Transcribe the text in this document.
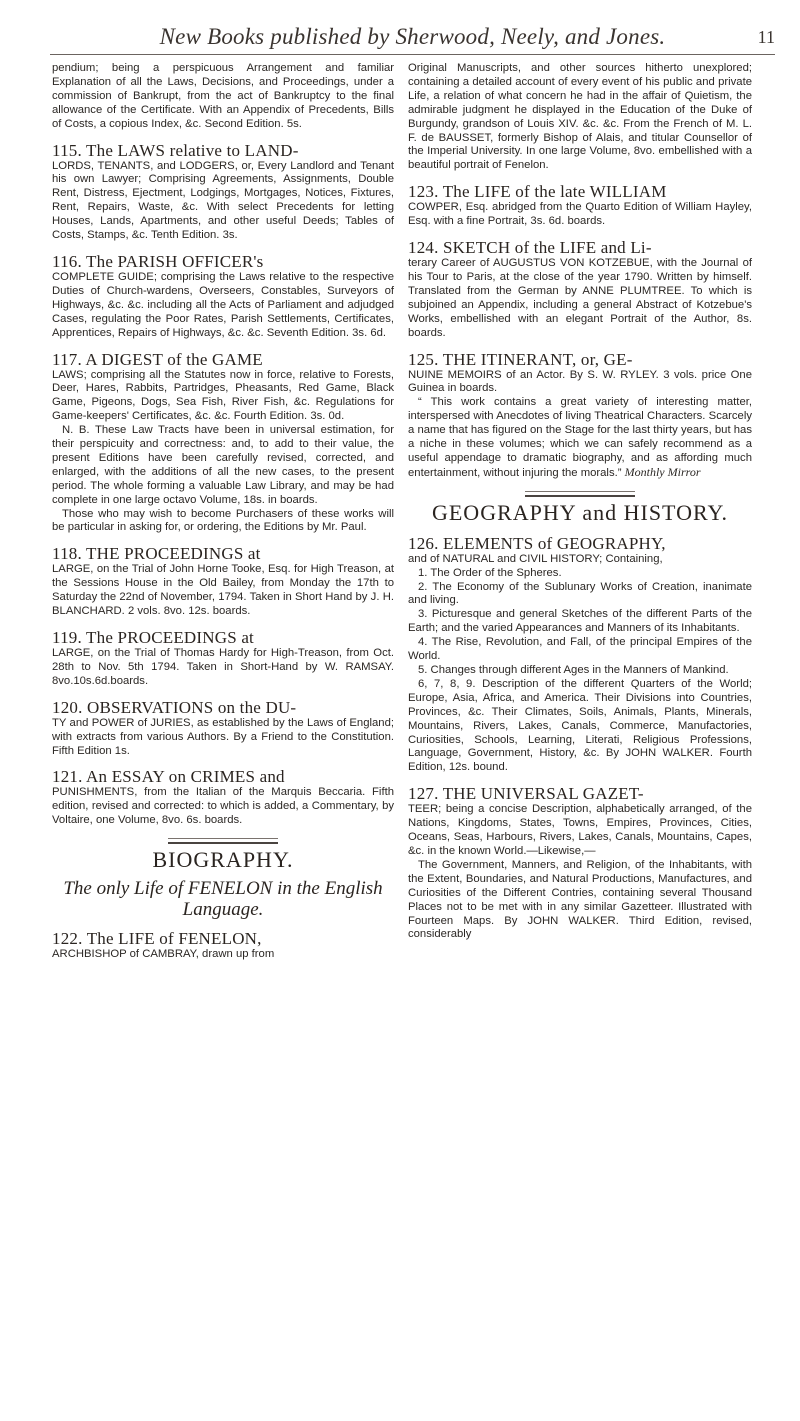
New Books published by Sherwood, Neely, and Jones.	11

pendium; being a perspicuous Arrangement and familiar Explanation of all the Laws, Decisions, and Proceedings, under a commission of Bankrupt, from the act of Bankruptcy to the final allowance of the Certificate. With an Appendix of Precedents, Bills of Costs, a copious Index, &c. Second Edition. 5s.

115. The LAWS relative to LAND-

LORDS, TENANTS, and LODGERS, or, Every Landlord and Tenant his own Lawyer; Comprising Agreements, Assignments, Double Rent, Distress, Ejectment, Lodgings, Mortgages, Notices, Fixtures, Rent, Repairs, Waste, &c. With select Precedents for letting Houses, Lands, Apartments, and other useful Deeds; Tables of Costs, Stamps, &c. Tenth Edition. 3s.

116. The PARISH OFFICER's

COMPLETE GUIDE; comprising the Laws relative to the respective Duties of Church-wardens, Overseers, Constables, Surveyors of Highways, &c. &c. including all the Acts of Parliament and adjudged Cases, regulating the Poor Rates, Parish Settlements, Certificates, Apprentices, Repairs of Highways, &c. &c. Seventh Edition. 3s. 6d.

117. A DIGEST of the GAME

LAWS; comprising all the Statutes now in force, relative to Forests, Deer, Hares, Rabbits, Partridges, Pheasants, Red Game, Black Game, Pigeons, Dogs, Sea Fish, River Fish, &c. Regulations for Game-keepers' Certificates, &c. &c. Fourth Edition. 3s. 0d.

N. B. These Law Tracts have been in universal estimation, for their perspicuity and correctness: and, to add to their value, the present Editions have been carefully revised, corrected, and enlarged, with the additions of all the new cases, to the present period. The whole forming a valuable Law Library, and may be had complete in one large octavo Volume, 18s. in boards.

Those who may wish to become Purchasers of these works will be particular in asking for, or ordering, the Editions by Mr. Paul.

118. THE PROCEEDINGS at

LARGE, on the Trial of John Horne Tooke, Esq. for High Treason, at the Sessions House in the Old Bailey, from Monday the 17th to Saturday the 22nd of November, 1794. Taken in Short Hand by J. H. BLANCHARD. 2 vols. 8vo. 12s. boards.

119. The PROCEEDINGS at

LARGE, on the Trial of Thomas Hardy for High-Treason, from Oct. 28th to Nov. 5th 1794. Taken in Short-Hand by W. RAMSAY. 8vo.10s.6d.boards.

120. OBSERVATIONS on the DU-

TY and POWER of JURIES, as established by the Laws of England; with extracts from various Authors. By a Friend to the Constitution. Fifth Edition 1s.

121. An ESSAY on CRIMES and

PUNISHMENTS, from the Italian of the Marquis Beccaria. Fifth edition, revised and corrected: to which is added, a Commentary, by Voltaire, one Volume, 8vo. 6s. boards.

BIOGRAPHY.
The only Life of FENELON in the English Language.
122. The LIFE of FENELON,

ARCHBISHOP of CAMBRAY, drawn up from

Original Manuscripts, and other sources hitherto unexplored; containing a detailed account of every event of his public and private Life, a relation of what concern he had in the affair of Quietism, the admirable judgment he displayed in the Education of the Duke of Burgundy, grandson of Louis XIV. &c. &c. From the French of M. L. F. de BAUSSET, formerly Bishop of Alais, and titular Counsellor of the Imperial University. In one large Volume, 8vo. embellished with a beautiful portrait of Fenelon.

123. The LIFE of the late WILLIAM

COWPER, Esq. abridged from the Quarto Edition of William Hayley, Esq. with a fine Portrait, 3s. 6d. boards.

124. SKETCH of the LIFE and Li-

terary Career of AUGUSTUS VON KOTZEBUE, with the Journal of his Tour to Paris, at the close of the year 1790. Written by himself. Translated from the German by ANNE PLUMTREE. To which is subjoined an Appendix, including a general Abstract of Kotzebue's Works, embellished with an elegant Portrait of the Author, 8s. boards.

125. THE ITINERANT, or, GE-

NUINE MEMOIRS of an Actor. By S. W. RYLEY. 3 vols. price One Guinea in boards.

“ This work contains a great variety of interesting matter, interspersed with Anecdotes of living Theatrical Characters. Scarcely a name that has figured on the Stage for the last thirty years, but has a niche in these volumes; which we can safely recommend as a useful appendage to dramatic biography, and as affording much entertainment, without injuring the morals.” Monthly Mirror

GEOGRAPHY and HISTORY.
126. ELEMENTS of GEOGRAPHY,

and of NATURAL and CIVIL HISTORY; Containing,

1. The Order of the Spheres.

2. The Economy of the Sublunary Works of Creation, inanimate and living.

3. Picturesque and general Sketches of the different Parts of the Earth; and the varied Appearances and Manners of its Inhabitants.

4. The Rise, Revolution, and Fall, of the principal Empires of the World.

5. Changes through different Ages in the Manners of Mankind.

6, 7, 8, 9. Description of the different Quarters of the World; Europe, Asia, Africa, and America. Their Divisions into Countries, Provinces, &c. Their Climates, Soils, Animals, Plants, Minerals, Mountains, Rivers, Lakes, Canals, Commerce, Manufactories, Curiosities, Schools, Learning, Literati, Religious Professions, Language, Government, History, &c. By JOHN WALKER. Fourth Edition, 12s. bound.

127. THE UNIVERSAL GAZET-

TEER; being a concise Description, alphabetically arranged, of the Nations, Kingdoms, States, Towns, Empires, Provinces, Cities, Oceans, Seas, Harbours, Rivers, Lakes, Canals, Mountains, Capes, &c. in the known World.—Likewise,—

The Government, Manners, and Religion, of the Inhabitants, with the Extent, Boundaries, and Natural Productions, Manufactures, and Curiosities of the Different Contries, containing several Thousand Places not to be met with in any similar Gazetteer. Illustrated with Fourteen Maps. By JOHN WALKER. Third Edition, revised, considerably
